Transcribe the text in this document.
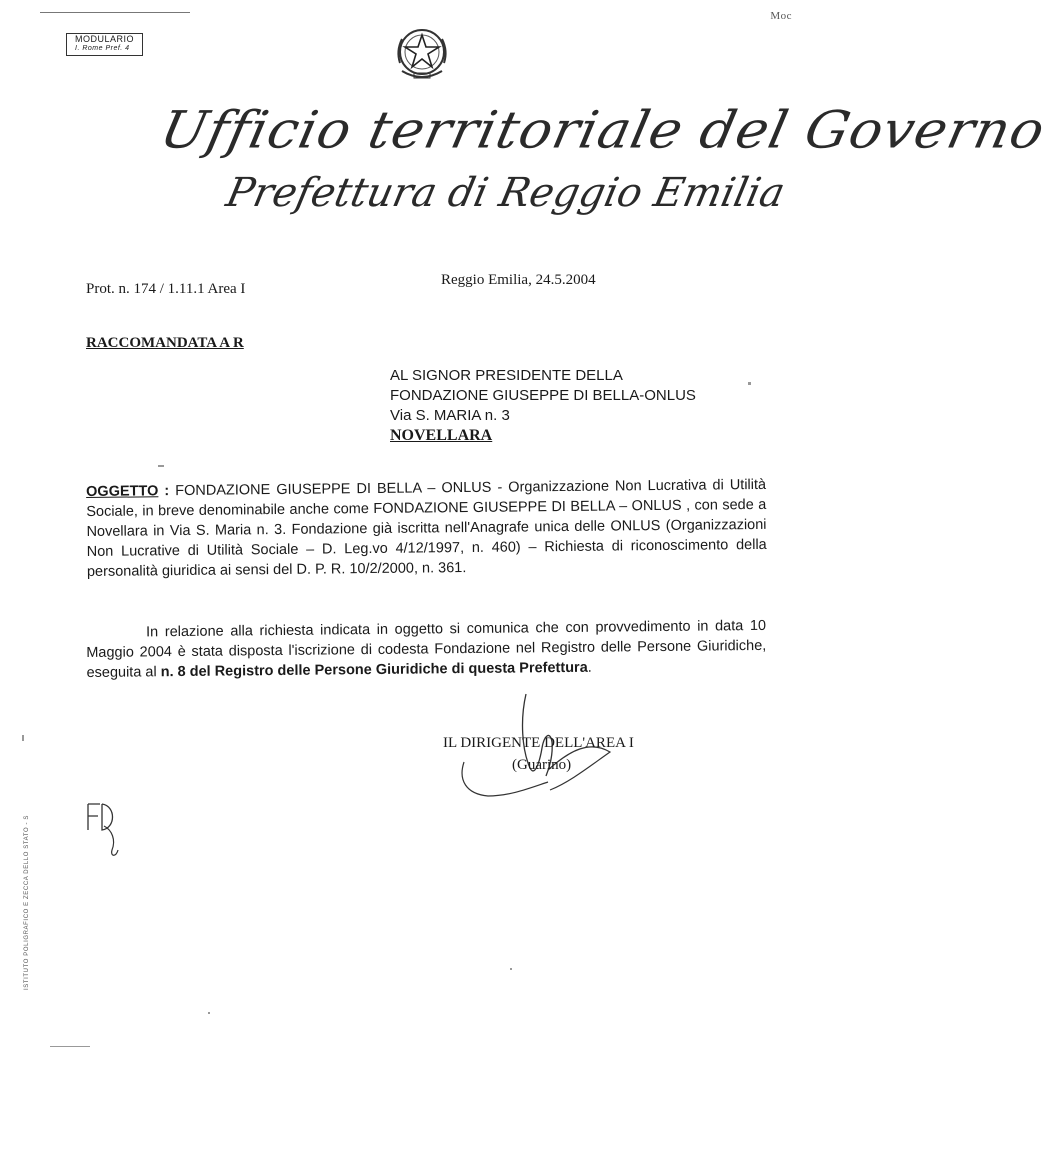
Moc
MODULARIO
I. Rome Pref. 4
Ufficio territoriale del Governo
Prefettura di Reggio Emilia
Prot. n. 174 / 1.11.1 Area I
Reggio Emilia, 24.5.2004
RACCOMANDATA A R
AL SIGNOR PRESIDENTE DELLA
FONDAZIONE GIUSEPPE DI BELLA-ONLUS
Via S. MARIA n. 3
NOVELLARA
OGGETTO : FONDAZIONE GIUSEPPE DI BELLA – ONLUS - Organizzazione Non Lucrativa di Utilità Sociale, in breve denominabile anche come FONDAZIONE GIUSEPPE DI BELLA – ONLUS , con sede a Novellara in Via S. Maria n. 3. Fondazione già iscritta nell'Anagrafe unica delle ONLUS (Organizzazioni Non Lucrative di Utilità Sociale – D. Leg.vo 4/12/1997, n. 460) – Richiesta di riconoscimento della personalità giuridica ai sensi del D. P. R. 10/2/2000, n. 361.
In relazione alla richiesta indicata in oggetto si comunica che con provvedimento in data 10 Maggio 2004 è stata disposta l'iscrizione di codesta Fondazione nel Registro delle Persone Giuridiche, eseguita al n. 8 del Registro delle Persone Giuridiche di questa Prefettura.
IL DIRIGENTE DELL'AREA I
(Guarino)
ISTITUTO POLIGRAFICO E ZECCA DELLO STATO - S
